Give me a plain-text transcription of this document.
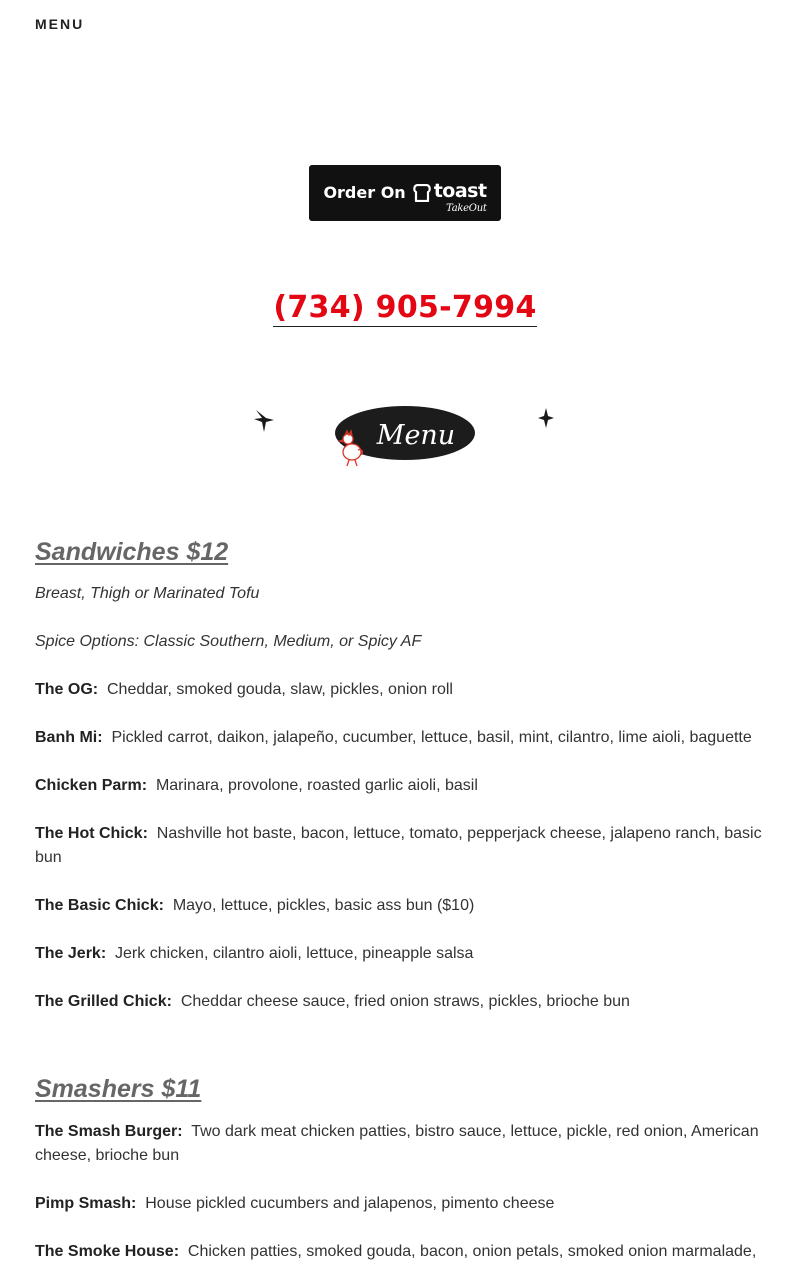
MENU
Order On toast
TakeOut
(734) 905-7994
Menu
Sandwiches $12

Breast, Thigh or Marinated Tofu

Spice Options: Classic Southern, Medium, or Spicy AF

The OG: Cheddar, smoked gouda, slaw, pickles, onion roll

Banh Mi: Pickled carrot, daikon, jalapeño, cucumber, lettuce, basil, mint, cilantro, lime aioli, baguette

Chicken Parm: Marinara, provolone, roasted garlic aioli, basil

The Hot Chick: Nashville hot baste, bacon, lettuce, tomato, pepperjack cheese, jalapeno ranch, basic bun

The Basic Chick: Mayo, lettuce, pickles, basic ass bun ($10)

The Jerk: Jerk chicken, cilantro aioli, lettuce, pineapple salsa

The Grilled Chick: Cheddar cheese sauce, fried onion straws, pickles, brioche bun

Smashers $11

The Smash Burger: Two dark meat chicken patties, bistro sauce, lettuce, pickle, red onion, American cheese, brioche bun

Pimp Smash: House pickled cucumbers and jalapenos, pimento cheese

The Smoke House: Chicken patties, smoked gouda, bacon, onion petals, smoked onion marmalade,
